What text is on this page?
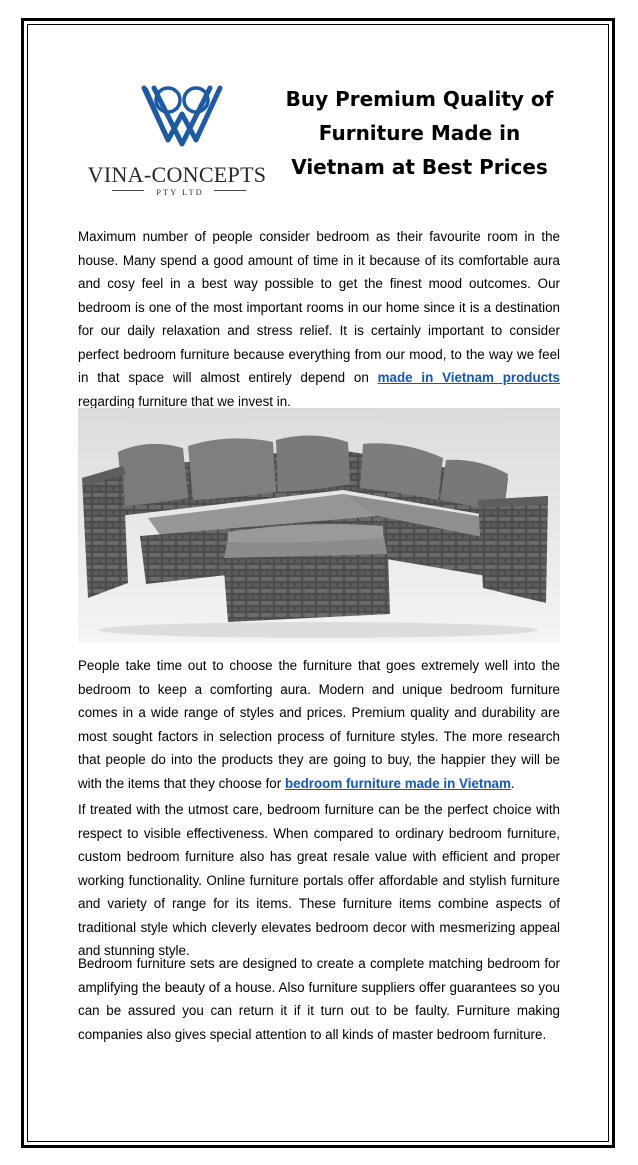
VINA-CONCEPTS
PTY LTD
Buy Premium Quality of
Furniture Made in
Vietnam at Best Prices
Maximum number of people consider bedroom as their favourite room in the house. Many spend a good amount of time in it because of its comfortable aura and cosy feel in a best way possible to get the finest mood outcomes. Our bedroom is one of the most important rooms in our home since it is a destination for our daily relaxation and stress relief. It is certainly important to consider perfect bedroom furniture because everything from our mood, to the way we feel in that space will almost entirely depend on made in Vietnam products regarding furniture that we invest in.
People take time out to choose the furniture that goes extremely well into the bedroom to keep a comforting aura. Modern and unique bedroom furniture comes in a wide range of styles and prices. Premium quality and durability are most sought factors in selection process of furniture styles. The more research that people do into the products they are going to buy, the happier they will be with the items that they choose for bedroom furniture made in Vietnam.
If treated with the utmost care, bedroom furniture can be the perfect choice with respect to visible effectiveness. When compared to ordinary bedroom furniture, custom bedroom furniture also has great resale value with efficient and proper working functionality. Online furniture portals offer affordable and stylish furniture and variety of range for its items. These furniture items combine aspects of traditional style which cleverly elevates bedroom decor with mesmerizing appeal and stunning style.
Bedroom furniture sets are designed to create a complete matching bedroom for amplifying the beauty of a house. Also furniture suppliers offer guarantees so you can be assured you can return it if it turn out to be faulty. Furniture making companies also gives special attention to all kinds of master bedroom furniture.
